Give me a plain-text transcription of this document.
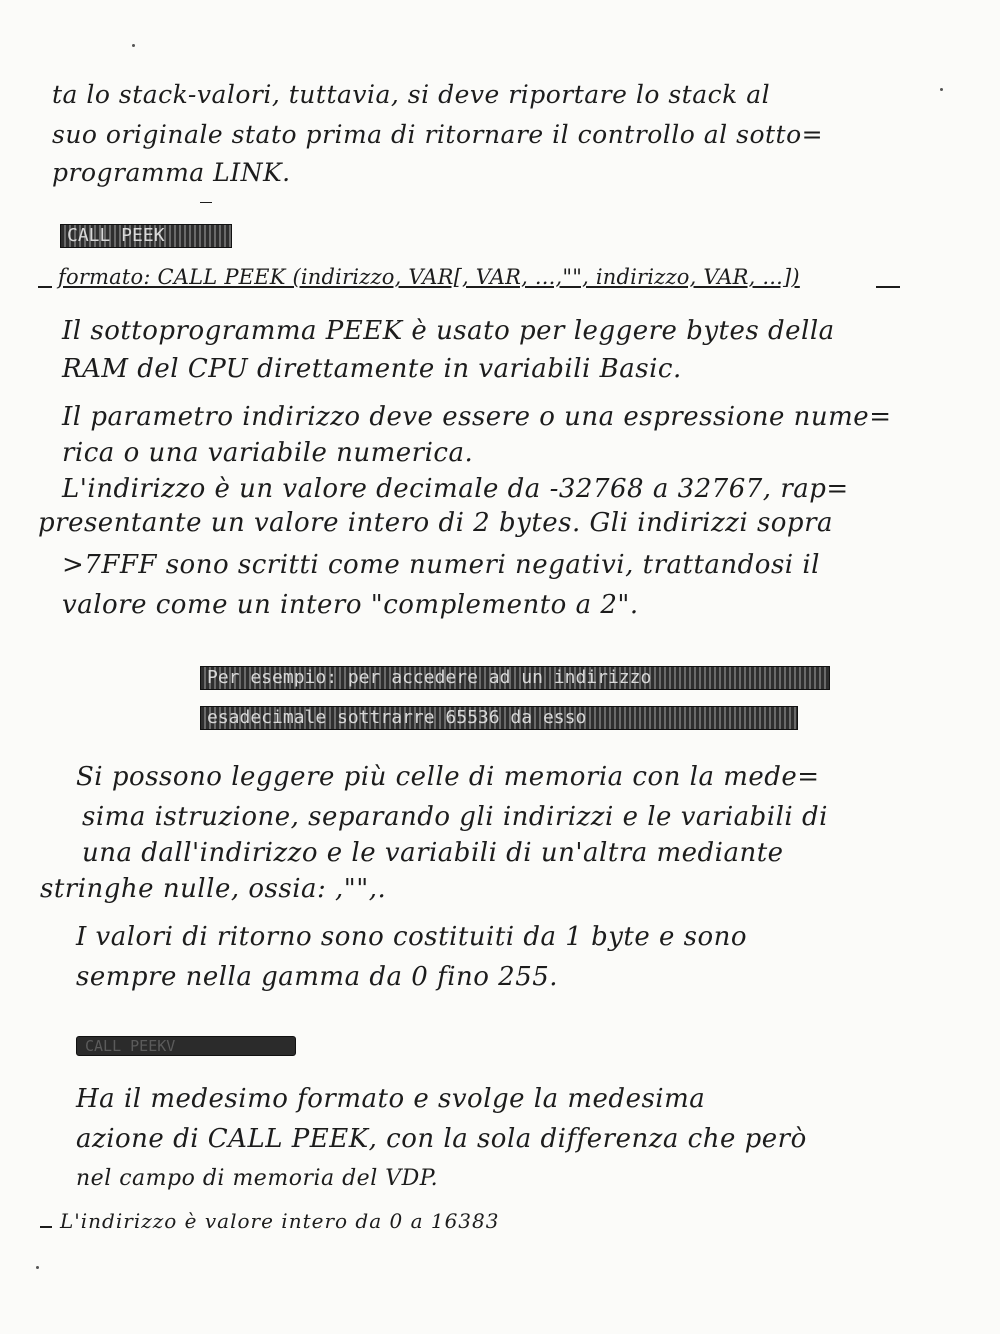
ta lo stack-valori, tuttavia, si deve riportare lo stack al
suo originale stato prima di ritornare il controllo al sotto=
programma LINK.
CALL PEEK
formato: CALL PEEK (indirizzo, VAR[, VAR, ...,"", indirizzo, VAR, ...])
Il sottoprogramma PEEK è usato per leggere bytes della
RAM del CPU direttamente in variabili Basic.
Il parametro indirizzo deve essere o una espressione nume=
rica o una variabile numerica.
L'indirizzo è un valore decimale da -32768 a 32767, rap=
presentante un valore intero di 2 bytes. Gli indirizzi sopra
>7FFF sono scritti come numeri negativi, trattandosi il
valore come un intero "complemento a 2".
Per esempio: per accedere ad un indirizzo
esadecimale sottrarre 65536 da esso
Si possono leggere più celle di memoria con la mede=
sima istruzione, separando gli indirizzi e le variabili di
una dall'indirizzo e le variabili di un'altra mediante
stringhe nulle, ossia: ,"",.
I valori di ritorno sono costituiti da 1 byte e sono
sempre nella gamma da 0 fino 255.
CALL PEEKV
Ha il medesimo formato e svolge la medesima
azione di CALL PEEK, con la sola differenza che però
nel campo di memoria del VDP.
L'indirizzo è valore intero da 0 a 16383
